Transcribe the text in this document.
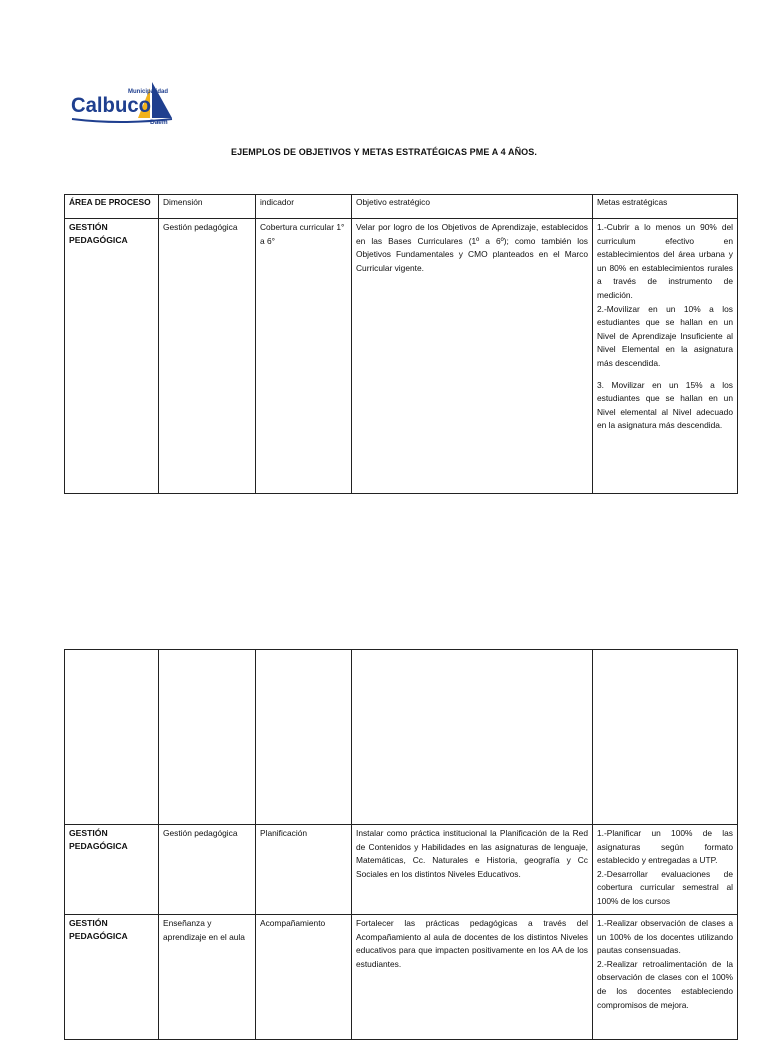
Municipalidad
Calbuco
Daem
EJEMPLOS DE OBJETIVOS Y METAS ESTRATÉGICAS PME A 4 AÑOS.
ÁREA DE PROCESO	Dimensión	indicador	Objetivo estratégico	Metas estratégicas
GESTIÓN PEDAGÓGICA	Gestión pedagógica	Cobertura curricular 1° a 6°	Velar por logro de los Objetivos de Aprendizaje, establecidos en las Bases Curriculares (1º a 6º); como también los Objetivos Fundamentales y CMO planteados en el Marco Curricular vigente.	1.-Cubrir a lo menos un 90% del curriculum efectivo en establecimientos del área urbana y un 80% en establecimientos rurales a través de instrumento de medición.
2.-Movilizar en un 10% a los estudiantes que se hallan en un Nivel de Aprendizaje Insuficiente al Nivel Elemental en la asignatura más descendida.
3. Movilizar en un 15% a los estudiantes que se hallan en un Nivel elemental al Nivel adecuado en la asignatura más descendida.

GESTIÓN PEDAGÓGICA	Gestión pedagógica	Planificación	Instalar como práctica institucional la Planificación de la Red de Contenidos y Habilidades en las asignaturas de lenguaje, Matemáticas, Cc. Naturales e Historia, geografía y Cc Sociales en los distintos Niveles Educativos.	1.-Planificar un 100% de las asignaturas según formato establecido y entregadas a UTP.
2.-Desarrollar evaluaciones de cobertura curricular semestral al 100% de los cursos
GESTIÓN PEDAGÓGICA	Enseñanza y aprendizaje en el aula	Acompañamiento	Fortalecer las prácticas pedagógicas a través del Acompañamiento al aula de docentes de los distintos Niveles educativos para que impacten positivamente en los AA de los estudiantes.	1.-Realizar observación de clases a un 100% de los docentes utilizando pautas consensuadas.
2.-Realizar retroalimentación de la observación de clases con el 100% de los docentes estableciendo compromisos de mejora.
